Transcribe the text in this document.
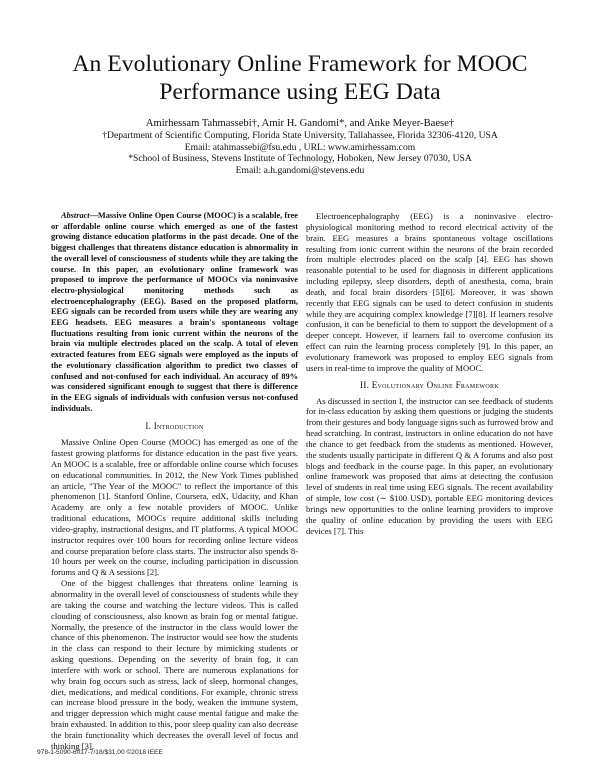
An Evolutionary Online Framework for MOOC
Performance using EEG Data
Amirhessam Tahmassebi†, Amir H. Gandomi*, and Anke Meyer-Baese†
†Department of Scientific Computing, Florida State University, Tallahassee, Florida 32306-4120, USA
Email: atahmassebi@fsu.edu , URL: www.amirhessam.com
*School of Business, Stevens Institute of Technology, Hoboken, New Jersey 07030, USA
Email: a.h.gandomi@stevens.edu

Abstract—Massive Online Open Course (MOOC) is a scalable, free or affordable online course which emerged as one of the fastest growing distance education platforms in the past decade. One of the biggest challenges that threatens distance education is abnormality in the overall level of consciousness of students while they are taking the course. In this paper, an evolutionary online framework was proposed to improve the performance of MOOCs via noninvasive electro-physiological monitoring methods such as electroencephalography (EEG). Based on the proposed platform, EEG signals can be recorded from users while they are wearing any EEG headsets. EEG measures a brain's spontaneous voltage fluctuations resulting from ionic current within the neurons of the brain via multiple electrodes placed on the scalp. A total of eleven extracted features from EEG signals were employed as the inputs of the evolutionary classification algorithm to predict two classes of confused and not-confused for each individual. An accuracy of 89% was considered significant enough to suggest that there is difference in the EEG signals of individuals with confusion versus not-confused individuals.

I. Introduction

Massive Online Open Course (MOOC) has emerged as one of the fastest growing platforms for distance education in the past five years. An MOOC is a scalable, free or affordable online course which focuses on educational communities. In 2012, the New York Times published an article, "The Year of the MOOC" to reflect the importance of this phenomenon [1]. Stanford Online, Coursera, edX, Udacity, and Khan Academy are only a few notable providers of MOOC. Unlike traditional educations, MOOCs require additional skills including video-graphy, instructional designs, and IT platforms. A typical MOOC instructor requires over 100 hours for recording online lecture videos and course preparation before class starts. The instructor also spends 8-10 hours per week on the course, including participation in discussion forums and Q & A sessions [2].

One of the biggest challenges that threatens online learning is abnormality in the overall level of consciousness of students while they are taking the course and watching the lecture videos. This is called clouding of consciousness, also known as brain fog or mental fatigue. Normally, the presence of the instructor in the class would lower the chance of this phenomenon. The instructor would see how the students in the class can respond to their lecture by mimicking students or asking questions. Depending on the severity of brain fog, it can interfere with work or school. There are numerous explanations for why brain fog occurs such as stress, lack of sleep, hormonal changes, diet, medications, and medical conditions. For example, chronic stress can increase blood pressure in the body, weaken the immune system, and trigger depression which might cause mental fatigue and make the brain exhausted. In addition to this, poor sleep quality can also decrease the brain functionality which decreases the overall level of focus and thinking [3].

Electroencephalography (EEG) is a noninvasive electro-physiological monitoring method to record electrical activity of the brain. EEG measures a brains spontaneous voltage oscillations resulting from ionic current within the neurons of the brain recorded from multiple electrodes placed on the scalp [4]. EEG has shown reasonable potential to be used for diagnosis in different applications including epilepsy, sleep disorders, depth of anesthesia, coma, brain death, and focal brain disorders [5][6]. Moreover, it was shown recently that EEG signals can be used to detect confusion in students while they are acquiring complex knowledge [7][8]. If learners resolve confusion, it can be beneficial to them to support the development of a deeper concept. However, if learners fail to overcome confusion its effect can ruin the learning process completely [9]. In this paper, an evolutionary framework was proposed to employ EEG signals from users in real-time to improve the quality of MOOC.

II. Evolutionary Online Framework

As discussed in section I, the instructor can see feedback of students for in-class education by asking them questions or judging the students from their gestures and body language signs such as furrowed brow and head scratching. In contrast, instructors in online education do not have the chance to get feedback from the students as mentioned. However, the students usually participate in different Q & A forums and also post blogs and feedback in the course page. In this paper, an evolutionary online framework was proposed that aims at detecting the confusion level of students in real time using EEG signals. The recent availability of simple, low cost (∼ $100 USD), portable EEG monitoring devices brings new opportunities to the online learning providers to improve the quality of online education by providing the users with EEG devices [7]. This

978-1-5090-6017-7/18/$31.00 ©2018 IEEE
